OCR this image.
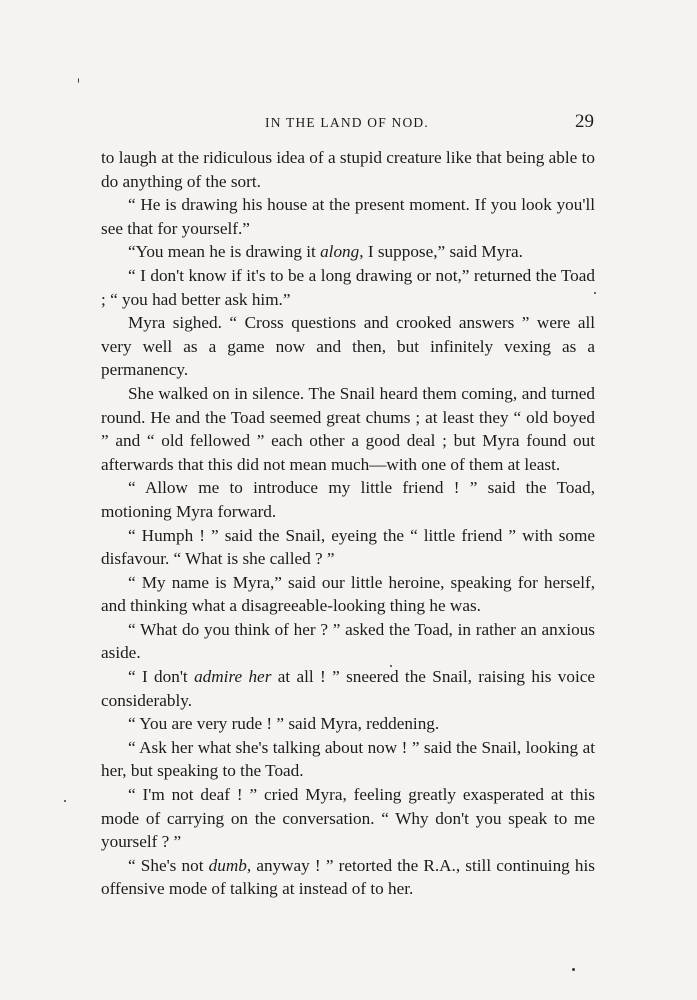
IN THE LAND OF NOD.	29

to laugh at the ridiculous idea of a stupid creature like that being able to do anything of the sort.

“ He is drawing his house at the present moment. If you look you'll see that for yourself.”

“You mean he is drawing it along, I suppose,” said Myra.

“ I don't know if it's to be a long drawing or not,” returned the Toad ; “ you had better ask him.”

Myra sighed. “ Cross questions and crooked answers ” were all very well as a game now and then, but infinitely vexing as a permanency.

She walked on in silence. The Snail heard them coming, and turned round. He and the Toad seemed great chums ; at least they “ old boyed ” and “ old fellowed ” each other a good deal ; but Myra found out afterwards that this did not mean much—with one of them at least.

“ Allow me to introduce my little friend ! ” said the Toad, motioning Myra forward.

“ Humph ! ” said the Snail, eyeing the “ little friend ” with some disfavour. “ What is she called ? ”

“ My name is Myra,” said our little heroine, speaking for herself, and thinking what a disagreeable-looking thing he was.

“ What do you think of her ? ” asked the Toad, in rather an anxious aside.

“ I don't admire her at all ! ” sneered the Snail, raising his voice considerably.

“ You are very rude ! ” said Myra, reddening.

“ Ask her what she's talking about now ! ” said the Snail, looking at her, but speaking to the Toad.

“ I'm not deaf ! ” cried Myra, feeling greatly exasperated at this mode of carrying on the conversation. “ Why don't you speak to me yourself ? ”

“ She's not dumb, anyway ! ” retorted the R.A., still continuing his offensive mode of talking at instead of to her.
